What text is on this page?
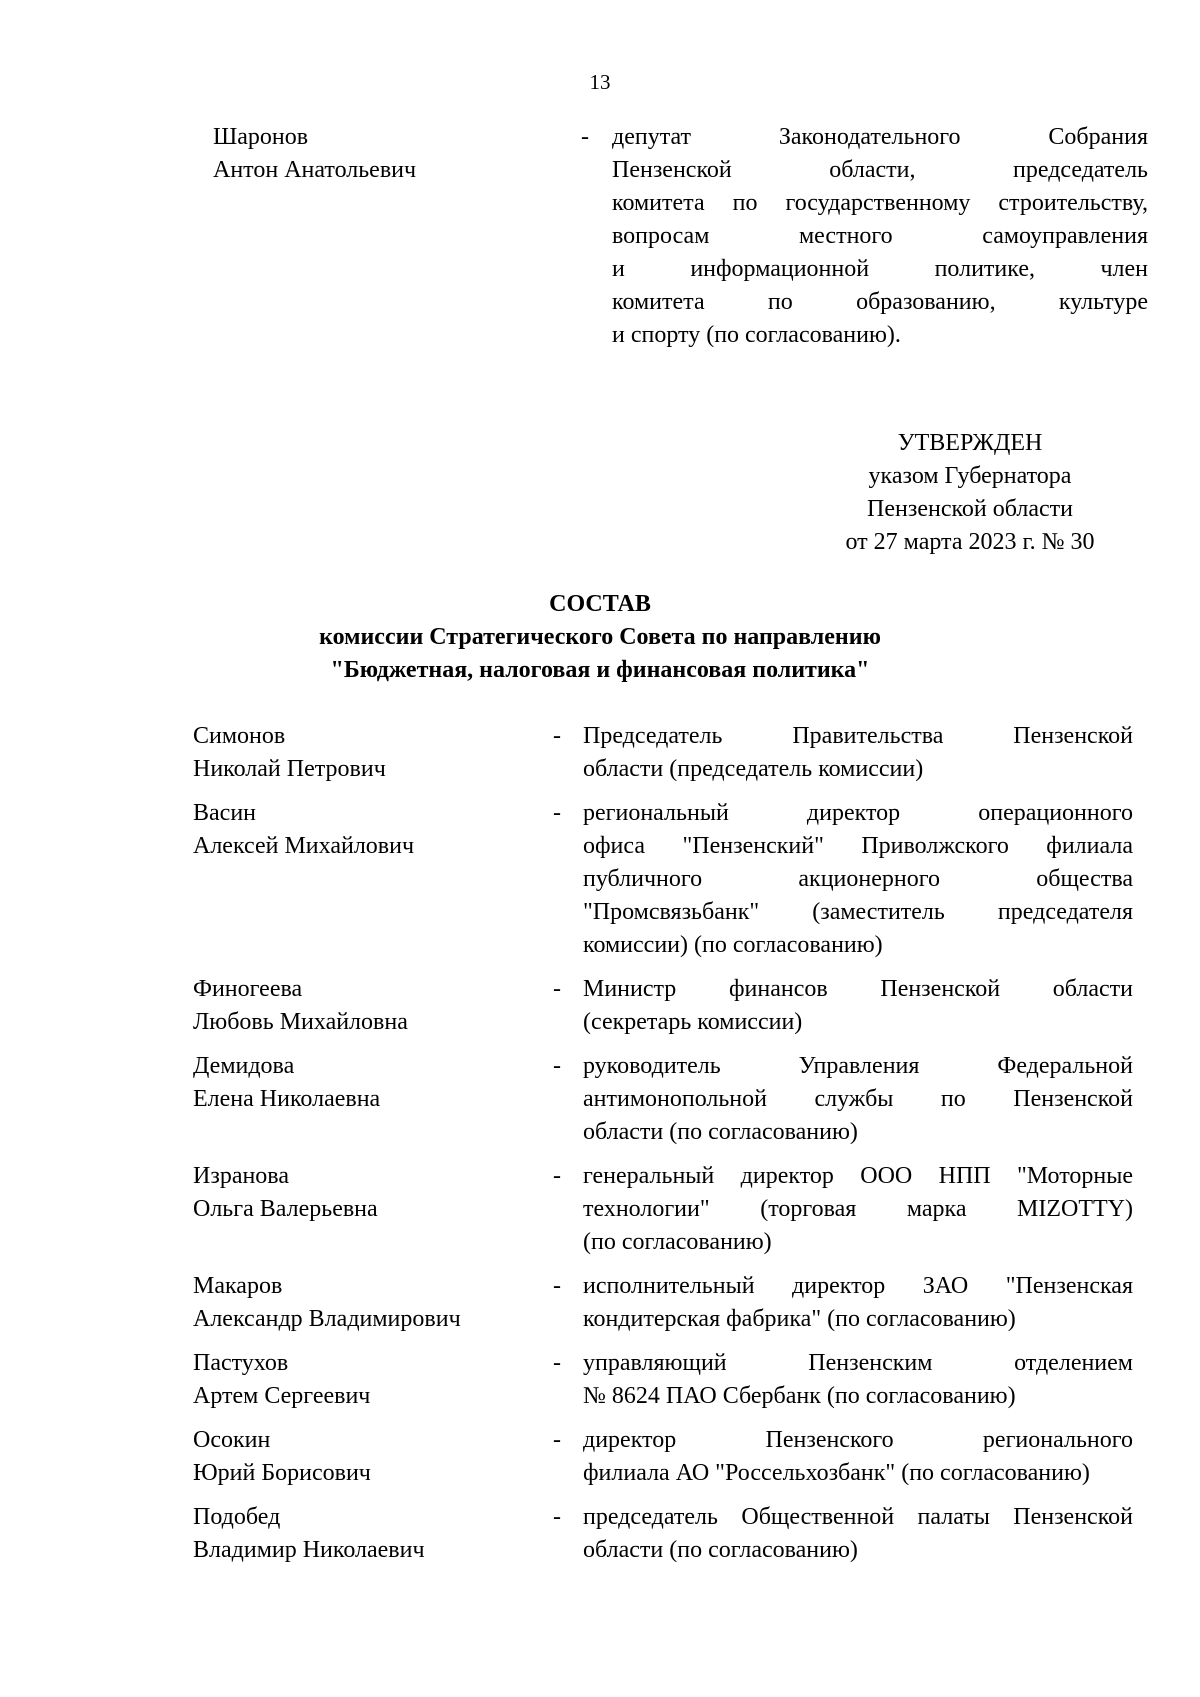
13
Шаронов
Антон Анатольевич
- депутат Законодательного Собрания
Пензенской области, председатель
комитета по государственному строительству,
вопросам местного самоуправления
и информационной политике, член
комитета по образованию, культуре
и спорту (по согласованию).
УТВЕРЖДЕН
указом Губернатора
Пензенской области
от 27 марта 2023 г. № 30
СОСТАВ
комиссии Стратегического Совета по направлению
"Бюджетная, налоговая и финансовая политика"
Симонов
Николай Петрович
- Председатель Правительства Пензенской
области (председатель комиссии)
Васин
Алексей Михайлович
- региональный директор операционного
офиса "Пензенский" Приволжского филиала
публичного акционерного общества
"Промсвязьбанк" (заместитель председателя
комиссии) (по согласованию)
Финогеева
Любовь Михайловна
- Министр финансов Пензенской области
(секретарь комиссии)
Демидова
Елена Николаевна
- руководитель Управления Федеральной
антимонопольной службы по Пензенской
области (по согласованию)
Изранова
Ольга Валерьевна
- генеральный директор ООО НПП "Моторные
технологии" (торговая марка MIZOTTY)
(по согласованию)
Макаров
Александр Владимирович
- исполнительный директор ЗАО "Пензенская
кондитерская фабрика" (по согласованию)
Пастухов
Артем Сергеевич
- управляющий Пензенским отделением
№ 8624 ПАО Сбербанк (по согласованию)
Осокин
Юрий Борисович
- директор Пензенского регионального
филиала АО "Россельхозбанк" (по согласованию)
Подобед
Владимир Николаевич
- председатель Общественной палаты Пензенской
области (по согласованию)
